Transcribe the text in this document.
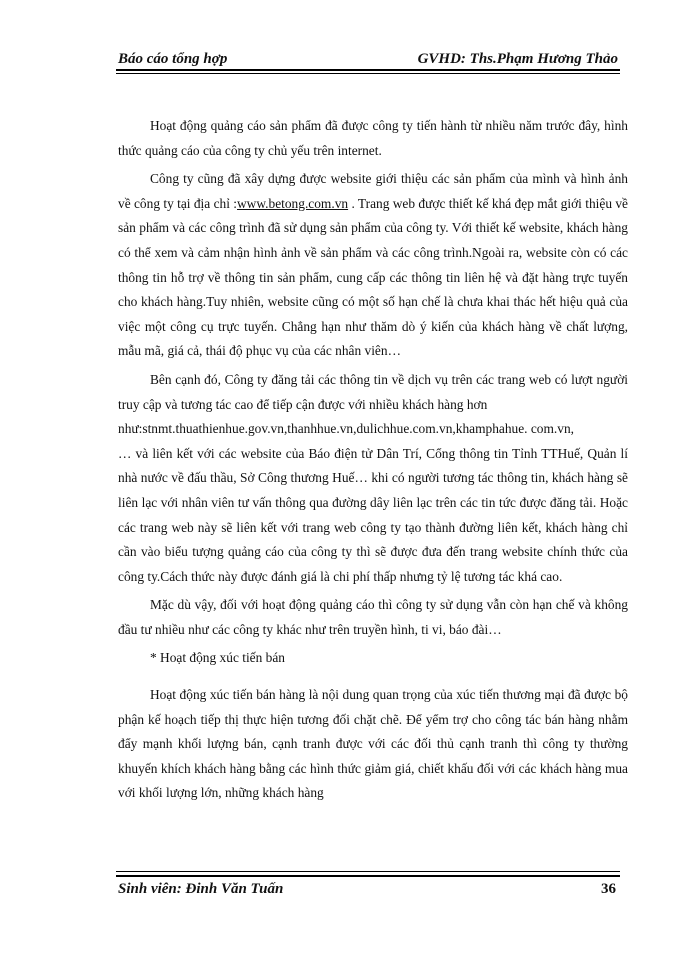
Báo cáo tổng hợp	GVHD: Ths.Phạm Hương Thảo

Hoạt động quảng cáo sản phẩm đã được công ty tiến hành từ nhiều năm trước đây, hình thức quảng cáo của công ty chủ yếu trên internet.

Công ty cũng đã xây dựng được website giới thiệu các sản phẩm của mình và hình ảnh về công ty tại địa chỉ :www.betong.com.vn . Trang web được thiết kế khá đẹp mắt giới thiệu về sản phẩm và các công trình đã sử dụng sản phẩm của công ty. Với thiết kế website, khách hàng có thể xem và cảm nhận hình ảnh về sản phẩm và các công trình.Ngoài ra, website còn có các thông tin hỗ trợ về thông tin sản phẩm, cung cấp các thông tin liên hệ và đặt hàng trực tuyến cho khách hàng.Tuy nhiên, website cũng có một số hạn chế là chưa khai thác hết hiệu quả của việc một công cụ trực tuyến. Chẳng hạn như thăm dò ý kiến của khách hàng về chất lượng, mẫu mã, giá cả, thái độ phục vụ của các nhân viên…

Bên cạnh đó, Công ty đăng tải các thông tin về dịch vụ trên các trang web có lượt người truy cập và tương tác cao để tiếp cận được với nhiều khách hàng hơn

như:stnmt.thuathienhue.gov.vn,thanhhue.vn,dulichhue.com.vn,khamphahue. com.vn,

… và liên kết với các website của Báo điện tử Dân Trí, Cổng thông tin Tỉnh TTHuế, Quản lí nhà nước về đấu thầu, Sở Công thương Huế… khi có người tương tác thông tin, khách hàng sẽ liên lạc với nhân viên tư vấn thông qua đường dây liên lạc trên các tin tức được đăng tải. Hoặc các trang web này sẽ liên kết với trang web công ty tạo thành đường liên kết, khách hàng chỉ cần vào biểu tượng quảng cáo của công ty thì sẽ được đưa đến trang website chính thức của công ty.Cách thức này được đánh giá là chi phí thấp nhưng tỷ lệ tương tác khá cao.

Mặc dù vậy, đối với hoạt động quảng cáo thì công ty sử dụng vẫn còn hạn chế và không đầu tư nhiều như các công ty khác như trên truyền hình, ti vi, báo đài…

* Hoạt động xúc tiến bán

Hoạt động xúc tiến bán hàng là nội dung quan trọng của xúc tiến thương mại đã được bộ phận kế hoạch tiếp thị thực hiện tương đối chặt chẽ. Để yểm trợ cho công tác bán hàng nhằm đẩy mạnh khối lượng bán, cạnh tranh được với các đối thủ cạnh tranh thì công ty thường khuyến khích khách hàng bằng các hình thức giảm giá, chiết khấu đối với các khách hàng mua với khối lượng lớn, những khách hàng

Sinh viên: Đinh Văn Tuấn	36
